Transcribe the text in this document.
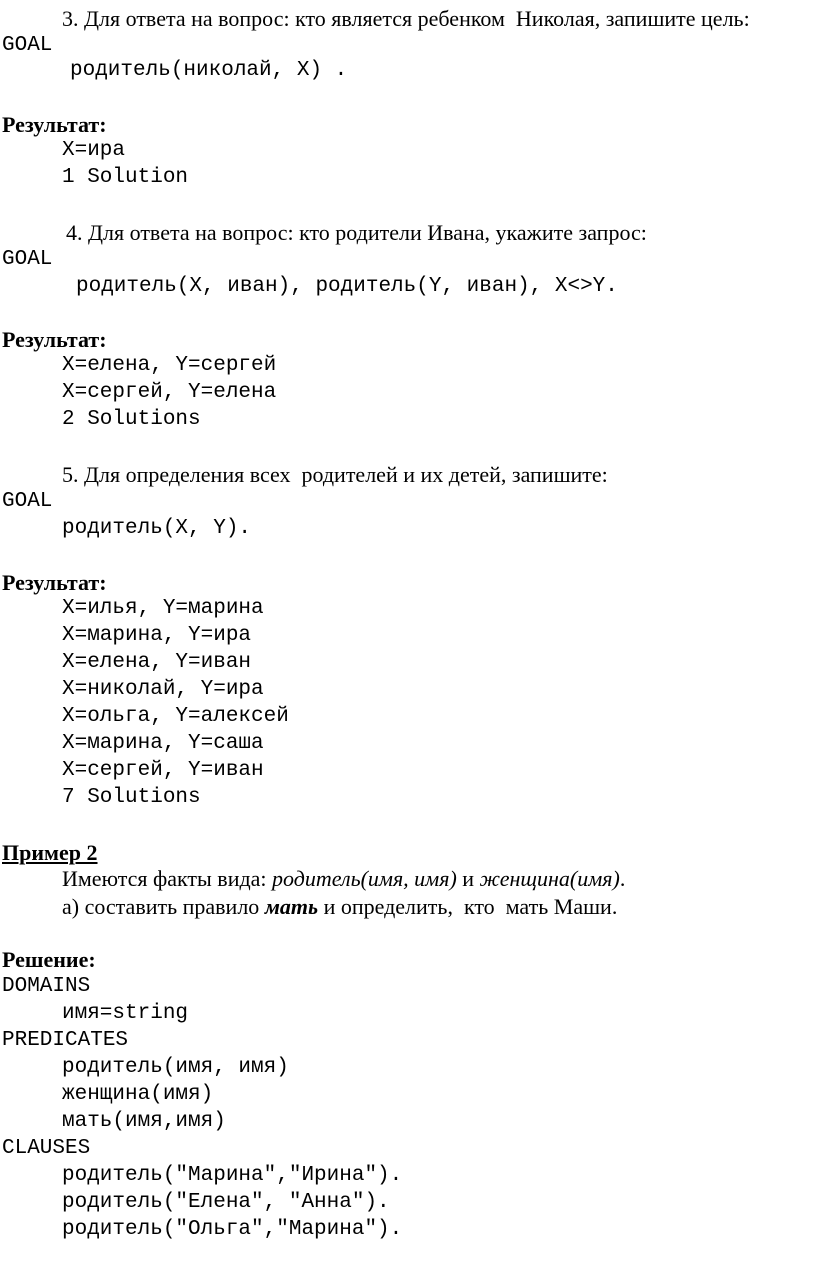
3. Для ответа на вопрос: кто является ребенком  Николая, запишите цель:
GOAL
родитель(николай, X) .
Результат:
X=ира
1 Solution
4. Для ответа на вопрос: кто родители Ивана, укажите запрос:
GOAL
родитель(X, иван), родитель(Y, иван), X<>Y.
Результат:
X=елена, Y=сергей
X=сергей, Y=елена
2 Solutions
5. Для определения всех  родителей и их детей, запишите:
GOAL
родитель(X, Y).
Результат:
X=илья, Y=марина
X=марина, Y=ира
X=елена, Y=иван
X=николай, Y=ира
X=ольга, Y=алексей
X=марина, Y=саша
X=сергей, Y=иван
7 Solutions
Пример 2
Имеются факты вида: родитель(имя, имя) и женщина(имя).
а) составить правило мать и определить,  кто  мать Маши.
Решение:
DOMAINS
имя=string
PREDICATES
родитель(имя, имя)
женщина(имя)
мать(имя,имя)
CLAUSES
родитель("Марина","Ирина").
родитель("Елена", "Анна").
родитель("Ольга","Марина").
